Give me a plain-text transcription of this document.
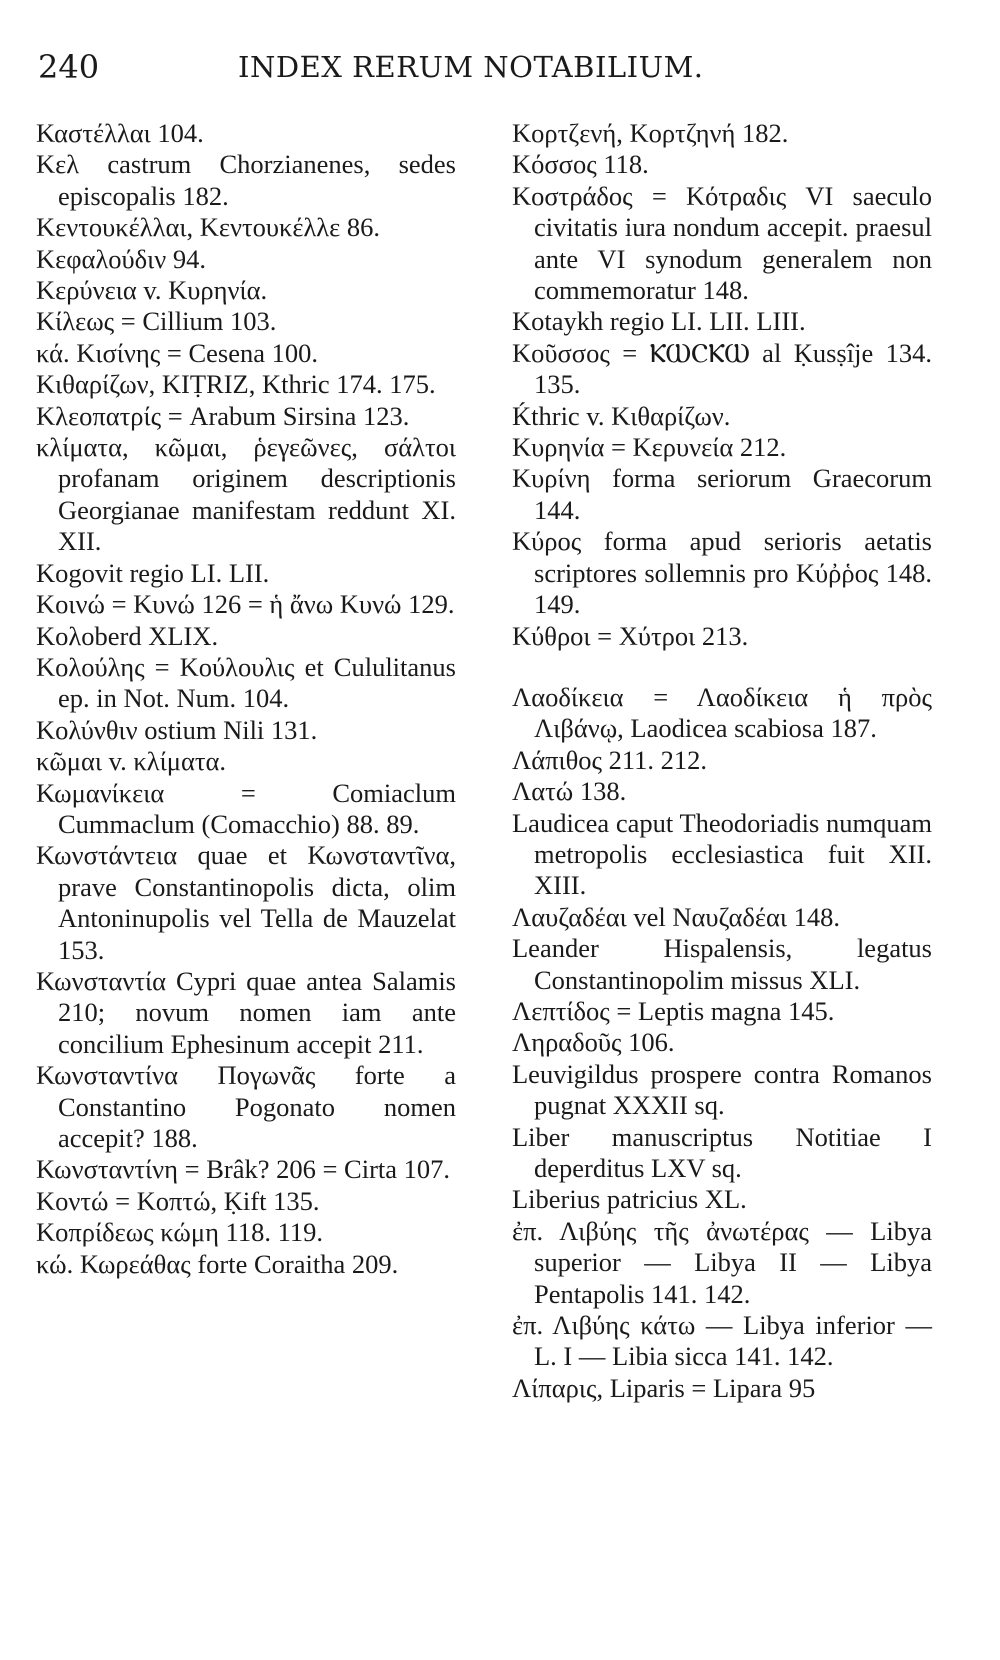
240	INDEX RERUM NOTABILIUM.
Καστέλλαι 104.
Κελ castrum Chorzianenes, sedes episcopalis 182.
Κεντουκέλλαι, Κεντουκέλλε 86.
Κεφαλούδιν 94.
Κερύνεια v. Κυρηνία.
Κίλεως = Cillium 103.
κά. Κισίνης = Cesena 100.
Κιθαρίζων, KIṬRIZ, Kthric 174. 175.
Κλεοπατρίς = Arabum Sirsina 123.
κλίματα, κῶμαι, ῥεγεῶνες, σάλτοι profanam originem descriptionis Georgianae manifestam reddunt XI. XII.
Kogovit regio LI. LII.
Κοινώ = Κυνώ 126 = ἡ ἄνω Κυνώ 129.
Koλoberd XLIX.
Κολούλης = Κούλουλις et Cululitanus ep. in Not. Num. 104.
Κολύνθιν ostium Nili 131.
κῶμαι v. κλίματα.
Κωμανίκεια = Comiaclum Cummaclum (Comacchio) 88. 89.
Κωνστάντεια quae et Κωνσταντῖνα, prave Constantinopolis dicta, olim Antoninupolis vel Tella de Mauzelat 153.
Κωνσταντία Cypri quae antea Salamis 210; novum nomen iam ante concilium Ephesinum accepit 211.
Κωνσταντίνα Πογωνᾶς forte a Constantino Pogonato nomen accepit? 188.
Κωνσταντίνη = Brâk? 206 = Cirta 107.
Κοντώ = Κοπτώ, Ḳift 135.
Κοπρίδεως κώμη 118. 119.
κώ. Κωρεάθας forte Coraitha 209.
Κορτζενή, Κορτζηνή 182.
Κόσσος 118.
Κοστράδος = Κότραδις VI saeculo civitatis iura nondum accepit. praesul ante VI synodum generalem non commemoratur 148.
Kotaykh regio LI. LII. LIII.
Κοῦσσος = ⲔⲰⲤⲔⲰ al Ḳusṣîje 134. 135.
Ḱthric v. Κιθαρίζων.
Κυρηνία = Κερυνεία 212.
Κυρίνη forma seriorum Graecorum 144.
Κύρος forma apud serioris aetatis scriptores sollemnis pro Κύῤῥος 148. 149.
Κύθροι = Χύτροι 213.
Λαοδίκεια = Λαοδίκεια ἡ πρὸς Λιβάνῳ, Laodicea scabiosa 187.
Λάπιθος 211. 212.
Λατώ 138.
Laudicea caput Theodoriadis numquam metropolis ecclesiastica fuit XII. XIII.
Λαυζαδέαι vel Ναυζαδέαι 148.
Leander Hispalensis, legatus Constantinopolim missus XLI.
Λεπτίδος = Leptis magna 145.
Ληραδοῦς 106.
Leuvigildus prospere contra Romanos pugnat XXXII sq.
Liber manuscriptus Notitiae I deperditus LXV sq.
Liberius patricius XL.
ἐπ. Λιβύης τῆς ἀνωτέρας — Libya superior — Libya II — Libya Pentapolis 141. 142.
ἐπ. Λιβύης κάτω — Libya inferior — L. I — Libia sicca 141. 142.
Λίπαρις, Liparis = Lipara 95
